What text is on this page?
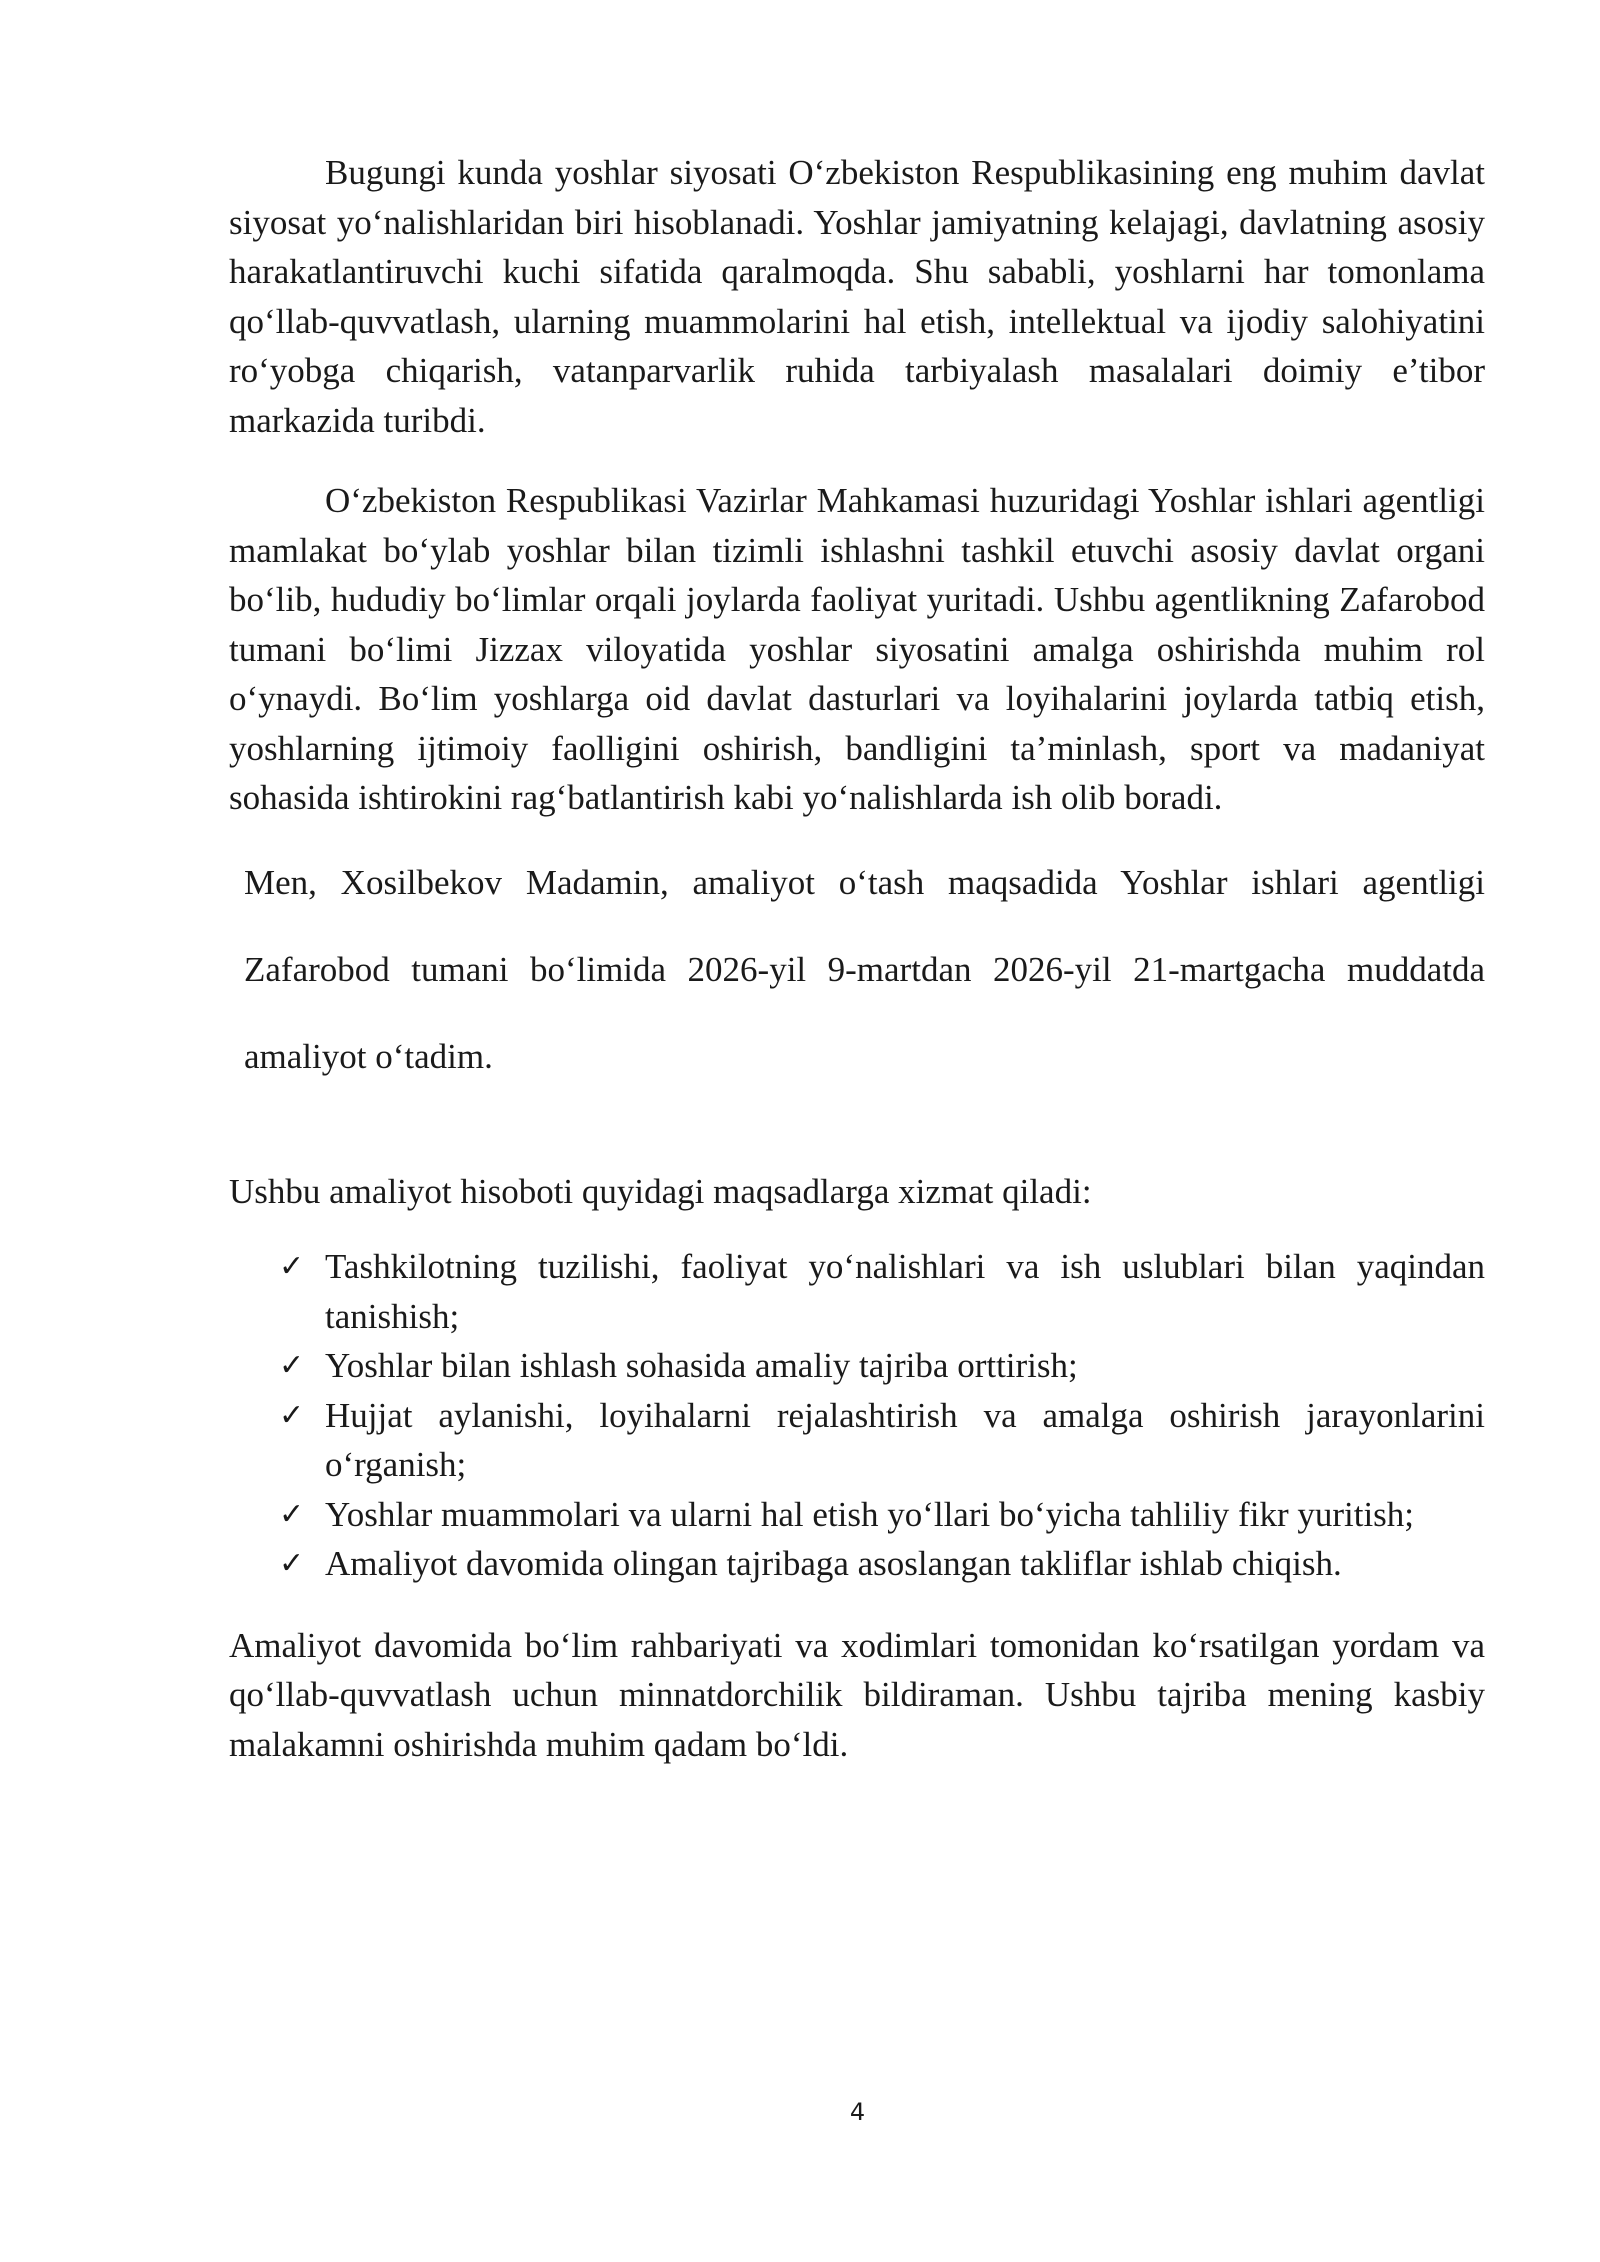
Bugungi kunda yoshlar siyosati O‘zbekiston Respublikasining eng muhim davlat siyosat yo‘nalishlaridan biri hisoblanadi. Yoshlar jamiyatning kelajagi, davlatning asosiy harakatlantiruvchi kuchi sifatida qaralmoqda. Shu sababli, yoshlarni har tomonlama qo‘llab-quvvatlash, ularning muammolarini hal etish, intellektual va ijodiy salohiyatini ro‘yobga chiqarish, vatanparvarlik ruhida tarbiyalash masalalari doimiy e’tibor markazida turibdi.

O‘zbekiston Respublikasi Vazirlar Mahkamasi huzuridagi Yoshlar ishlari agentligi mamlakat bo‘ylab yoshlar bilan tizimli ishlashni tashkil etuvchi asosiy davlat organi bo‘lib, hududiy bo‘limlar orqali joylarda faoliyat yuritadi. Ushbu agentlikning Zafarobod tumani bo‘limi Jizzax viloyatida yoshlar siyosatini amalga oshirishda muhim rol o‘ynaydi. Bo‘lim yoshlarga oid davlat dasturlari va loyihalarini joylarda tatbiq etish, yoshlarning ijtimoiy faolligini oshirish, bandligini ta’minlash, sport va madaniyat sohasida ishtirokini rag‘batlantirish kabi yo‘nalishlarda ish olib boradi.

Men, Xosilbekov Madamin, amaliyot o‘tash maqsadida Yoshlar ishlari agentligi Zafarobod tumani bo‘limida 2026-yil 9-martdan 2026-yil 21-martgacha muddatda amaliyot o‘tadim.

Ushbu amaliyot hisoboti quyidagi maqsadlarga xizmat qiladi:

✓ Tashkilotning tuzilishi, faoliyat yo‘nalishlari va ish uslublari bilan yaqindan tanishish;
✓ Yoshlar bilan ishlash sohasida amaliy tajriba orttirish;
✓ Hujjat aylanishi, loyihalarni rejalashtirish va amalga oshirish jarayonlarini o‘rganish;
✓ Yoshlar muammolari va ularni hal etish yo‘llari bo‘yicha tahliliy fikr yuritish;
✓ Amaliyot davomida olingan tajribaga asoslangan takliflar ishlab chiqish.

Amaliyot davomida bo‘lim rahbariyati va xodimlari tomonidan ko‘rsatilgan yordam va qo‘llab-quvvatlash uchun minnatdorchilik bildiraman. Ushbu tajriba mening kasbiy malakamni oshirishda muhim qadam bo‘ldi.

4
